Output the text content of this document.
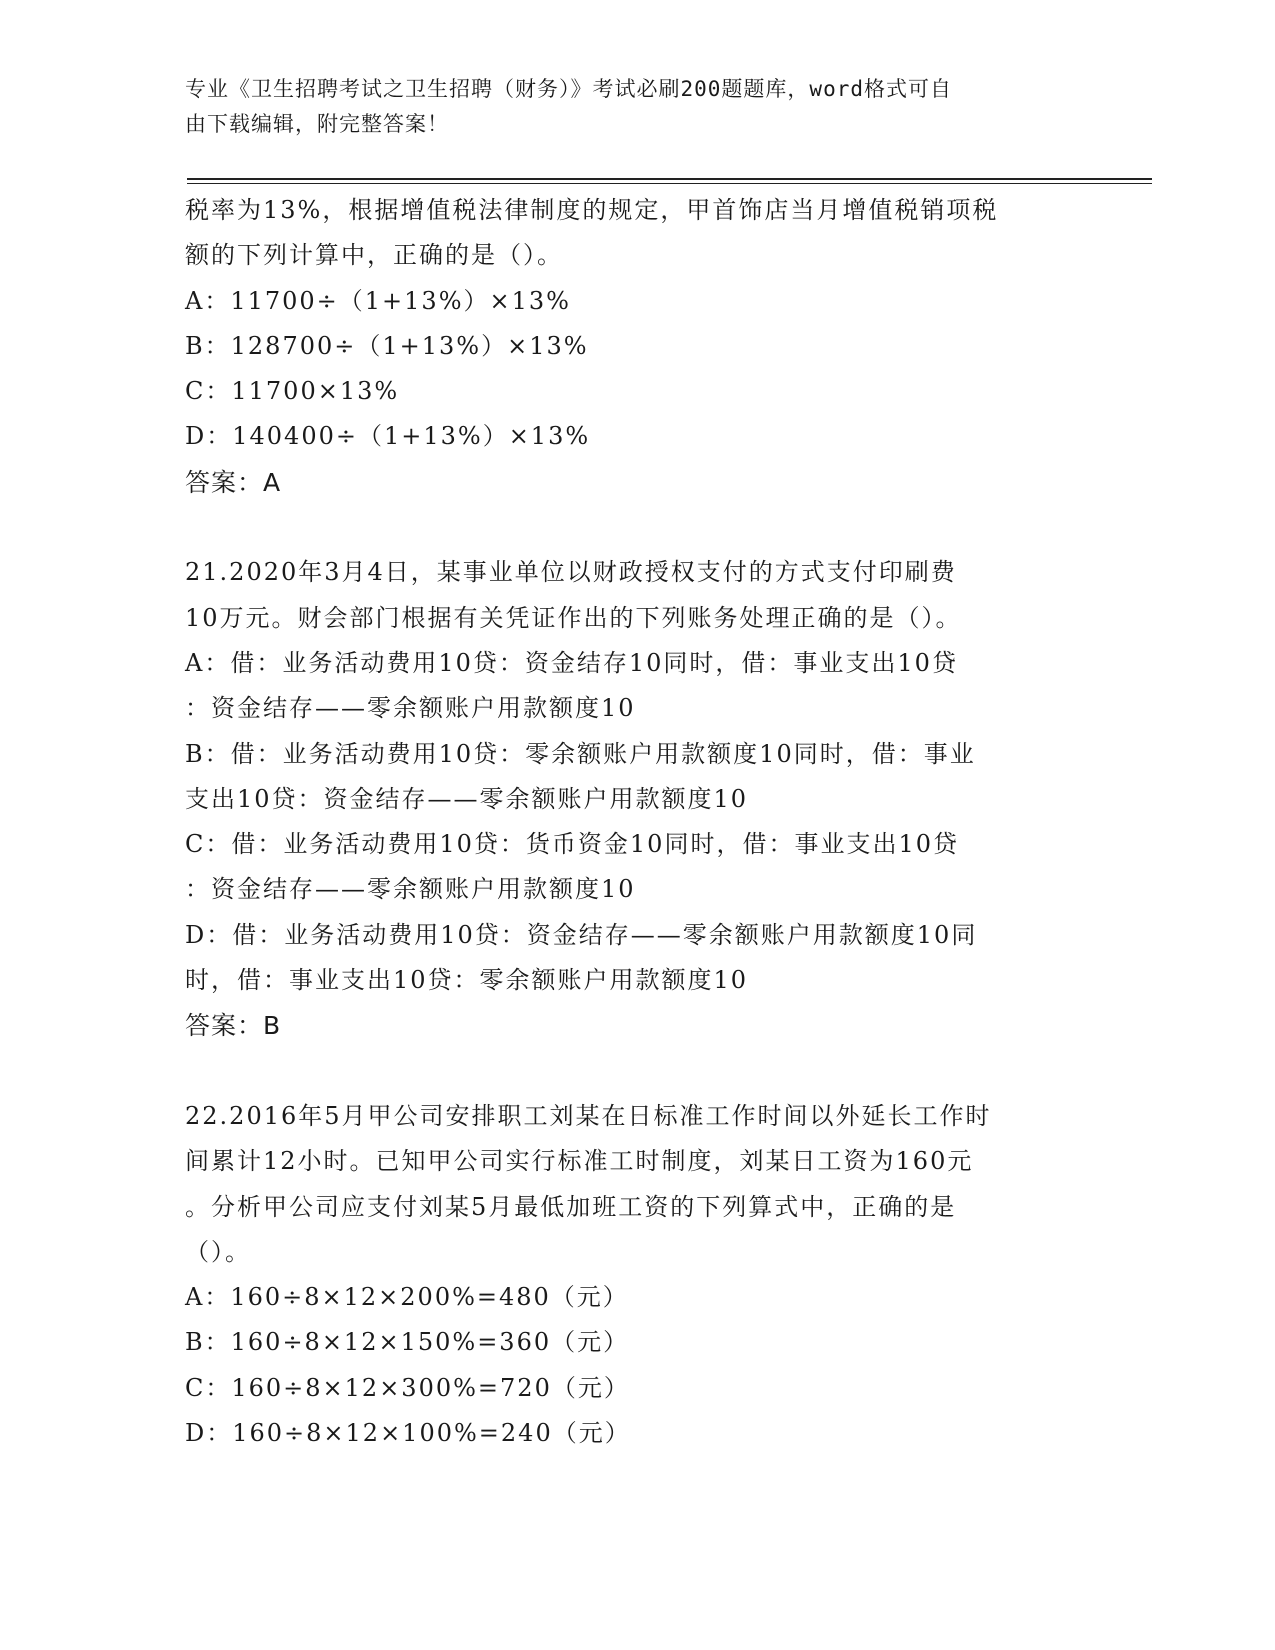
专业《卫生招聘考试之卫生招聘（财务）》考试必刷200题题库，word格式可自
由下载编辑，附完整答案！
税率为13%，根据增值税法律制度的规定，甲首饰店当月增值税销项税
额的下列计算中，正确的是（）。
A：11700÷（1+13%）×13%
B：128700÷（1+13%）×13%
C：11700×13%
D：140400÷（1+13%）×13%
答案：A
21.2020年3月4日，某事业单位以财政授权支付的方式支付印刷费
10万元。财会部门根据有关凭证作出的下列账务处理正确的是（）。
A：借：业务活动费用10贷：资金结存10同时，借：事业支出10贷
：资金结存——零余额账户用款额度10
B：借：业务活动费用10贷：零余额账户用款额度10同时，借：事业
支出10贷：资金结存——零余额账户用款额度10
C：借：业务活动费用10贷：货币资金10同时，借：事业支出10贷
：资金结存——零余额账户用款额度10
D：借：业务活动费用10贷：资金结存——零余额账户用款额度10同
时，借：事业支出10贷：零余额账户用款额度10
答案：B
22.2016年5月甲公司安排职工刘某在日标准工作时间以外延长工作时
间累计12小时。已知甲公司实行标准工时制度，刘某日工资为160元
。分析甲公司应支付刘某5月最低加班工资的下列算式中，正确的是
（）。
A：160÷8×12×200%=480（元）
B：160÷8×12×150%=360（元）
C：160÷8×12×300%=720（元）
D：160÷8×12×100%=240（元）
